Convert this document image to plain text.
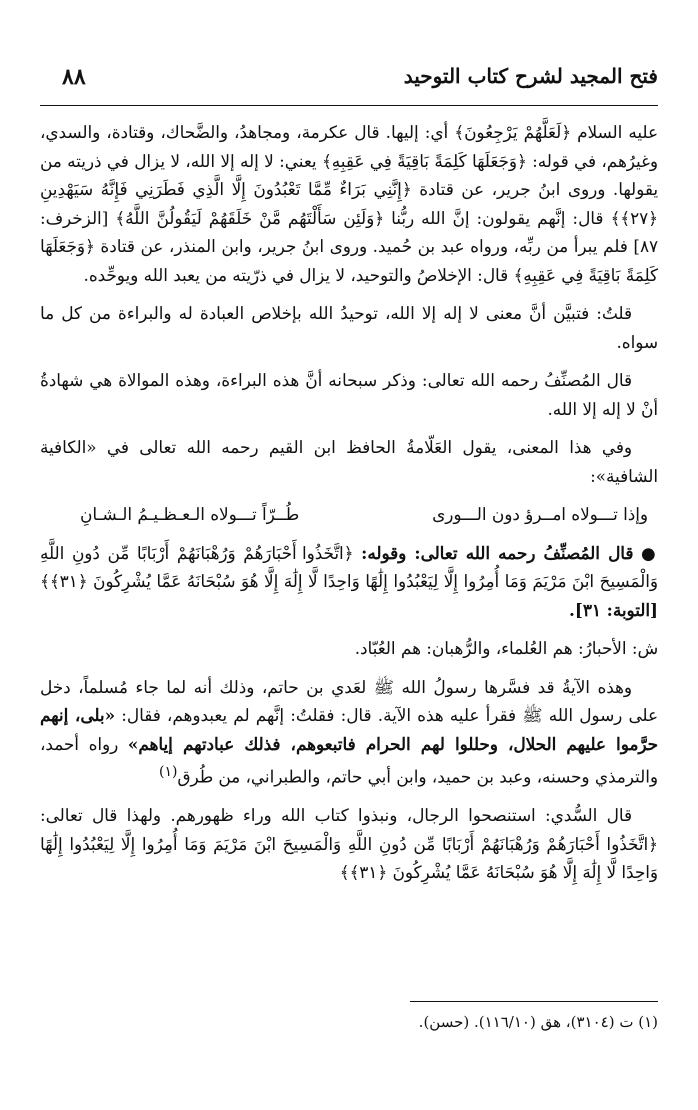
٨٨	فتح المجيد لشرح كتاب التوحيد

عليه السلام ﴿لَعَلَّهُمْ يَرْجِعُونَ﴾ أي: إليها. قال عكرمة، ومجاهدُ، والضَّحاك، وقتادة، والسدي، وغيرُهم، في قوله: ﴿وَجَعَلَهَا كَلِمَةً بَاقِيَةً فِي عَقِبِهِ﴾ يعني: لا إله إلا الله، لا يزال في ذريته من يقولها. وروى ابنُ جرير، عن قتادة ﴿إِنَّنِي بَرَاءٌ مِّمَّا تَعْبُدُونَ إِلَّا الَّذِي فَطَرَنِي فَإِنَّهُ سَيَهْدِينِ ﴿٢٧﴾﴾ قال: إنَّهم يقولون: إنَّ الله ربُّنا ﴿وَلَئِن سَأَلْتَهُم مَّنْ خَلَقَهُمْ لَيَقُولُنَّ اللَّهُ﴾ [الزخرف: ٨٧] فلم يبرأ من ربِّه، ورواه عبد بن حُميد. وروى ابنُ جرير، وابن المنذر، عن قتادة ﴿وَجَعَلَهَا كَلِمَةً بَاقِيَةً فِي عَقِبِهِ﴾ قال: الإخلاصُ والتوحيد، لا يزال في ذرّيته من يعبد الله ويوحِّده.

قلتُ: فتبيَّن أنَّ معنى لا إله إلا الله، توحيدُ الله بإخلاص العبادة له والبراءة من كل ما سواه.

قال المُصنِّفُ رحمه الله تعالى: وذكر سبحانه أنَّ هذه البراءة، وهذه الموالاة هي شهادةُ أنْ لا إله إلا الله.

وفي هذا المعنى، يقول العَلّامةُ الحافظ ابن القيم رحمه الله تعالى في «الكافية الشافية»:

وإذا تـــولاه امــرؤ دون الـــورى
طُــرّاً تـــولاه الـعـظـيـمُ الـشـانِ

● قال المُصنِّفُ رحمه الله تعالى: وقوله: ﴿اتَّخَذُوا أَحْبَارَهُمْ وَرُهْبَانَهُمْ أَرْبَابًا مِّن دُونِ اللَّهِ وَالْمَسِيحَ ابْنَ مَرْيَمَ وَمَا أُمِرُوا إِلَّا لِيَعْبُدُوا إِلَٰهًا وَاحِدًا لَّا إِلَٰهَ إِلَّا هُوَ سُبْحَانَهُ عَمَّا يُشْرِكُونَ ﴿٣١﴾﴾ [التوبة: ٣١].

ش: الأحبارُ: هم العُلماء، والرُّهبان: هم العُبّاد.

وهذه الآيةُ قد فسَّرها رسولُ الله ﷺ لعَدي بن حاتم، وذلك أنه لما جاء مُسلماً، دخل على رسول الله ﷺ فقرأ عليه هذه الآية. قال: فقلتُ: إنَّهم لم يعبدوهم، فقال: «بلى، إنهم حرَّموا عليهم الحلال، وحللوا لهم الحرام فاتبعوهم، فذلك عبادتهم إياهم» رواه أحمد، والترمذي وحسنه، وعبد بن حميد، وابن أبي حاتم، والطبراني، من طُرق$^{(١)}$

قال السُّدي: استنصحوا الرجال، ونبذوا كتاب الله وراء ظهورهم. ولهذا قال تعالى: ﴿اتَّخَذُوا أَحْبَارَهُمْ وَرُهْبَانَهُمْ أَرْبَابًا مِّن دُونِ اللَّهِ وَالْمَسِيحَ ابْنَ مَرْيَمَ وَمَا أُمِرُوا إِلَّا لِيَعْبُدُوا إِلَٰهًا وَاحِدًا لَّا إِلَٰهَ إِلَّا هُوَ سُبْحَانَهُ عَمَّا يُشْرِكُونَ ﴿٣١﴾﴾

(١) ت (٣١٠٤)، هق (١١٦/١٠). (حسن).
